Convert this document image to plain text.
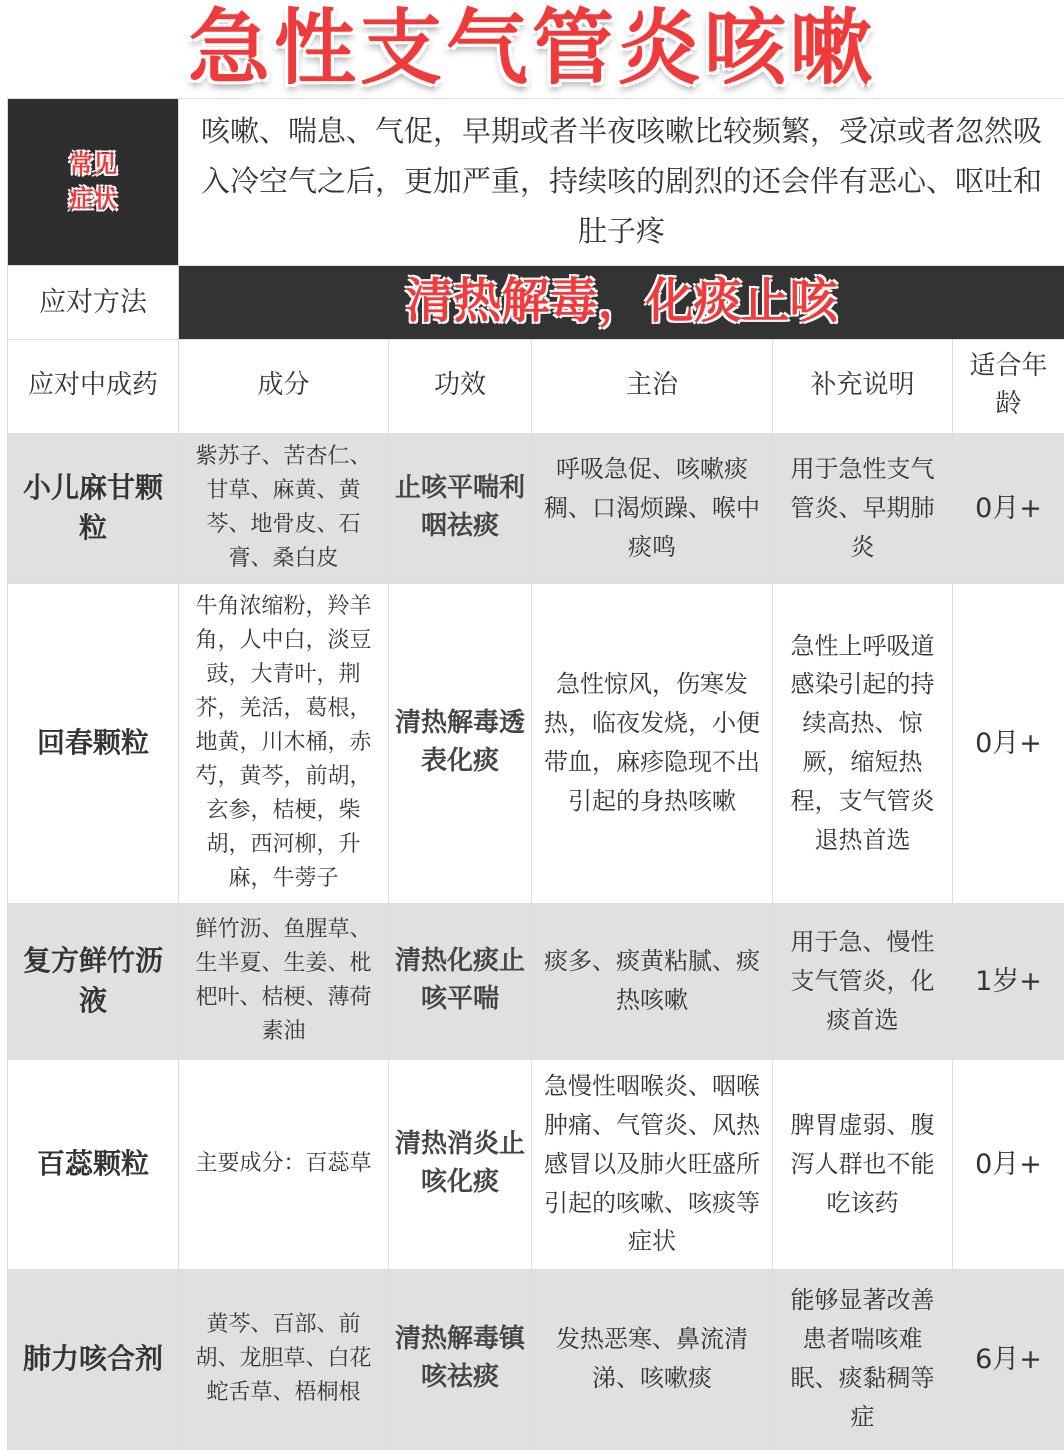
急性支气管炎咳嗽
常见
症状	咳嗽、喘息、气促，早期或者半夜咳嗽比较频繁，受凉或者忽然吸入冷空气之后，更加严重，持续咳的剧烈的还会伴有恶心、呕吐和肚子疼				
应对方法	清热解毒，化痰止咳				
应对中成药	成分	功效	主治	补充说明	适合年龄
小儿麻甘颗粒	紫苏子、苦杏仁、甘草、麻黄、黄芩、地骨皮、石膏、桑白皮	止咳平喘利咽祛痰	呼吸急促、咳嗽痰稠、口渴烦躁、喉中痰鸣	用于急性支气管炎、早期肺炎	0月+
回春颗粒	牛角浓缩粉，羚羊角，人中白，淡豆豉，大青叶，荆芥，羌活，葛根，地黄，川木桶，赤芍，黄芩，前胡，玄参，桔梗，柴胡，西河柳，升麻，牛蒡子	清热解毒透表化痰	急性惊风，伤寒发热，临夜发烧，小便带血，麻疹隐现不出引起的身热咳嗽	急性上呼吸道感染引起的持续高热、惊厥，缩短热程，支气管炎退热首选	0月+
复方鲜竹沥液	鲜竹沥、鱼腥草、生半夏、生姜、枇杷叶、桔梗、薄荷素油	清热化痰止咳平喘	痰多、痰黄粘腻、痰热咳嗽	用于急、慢性支气管炎，化痰首选	1岁+
百蕊颗粒	主要成分：百蕊草	清热消炎止咳化痰	急慢性咽喉炎、咽喉肿痛、气管炎、风热感冒以及肺火旺盛所引起的咳嗽、咳痰等症状	脾胃虚弱、腹泻人群也不能吃该药	0月+
肺力咳合剂	黄芩、百部、前胡、龙胆草、白花蛇舌草、梧桐根	清热解毒镇咳祛痰	发热恶寒、鼻流清涕、咳嗽痰	能够显著改善患者喘咳难眠、痰黏稠等症	6月+
